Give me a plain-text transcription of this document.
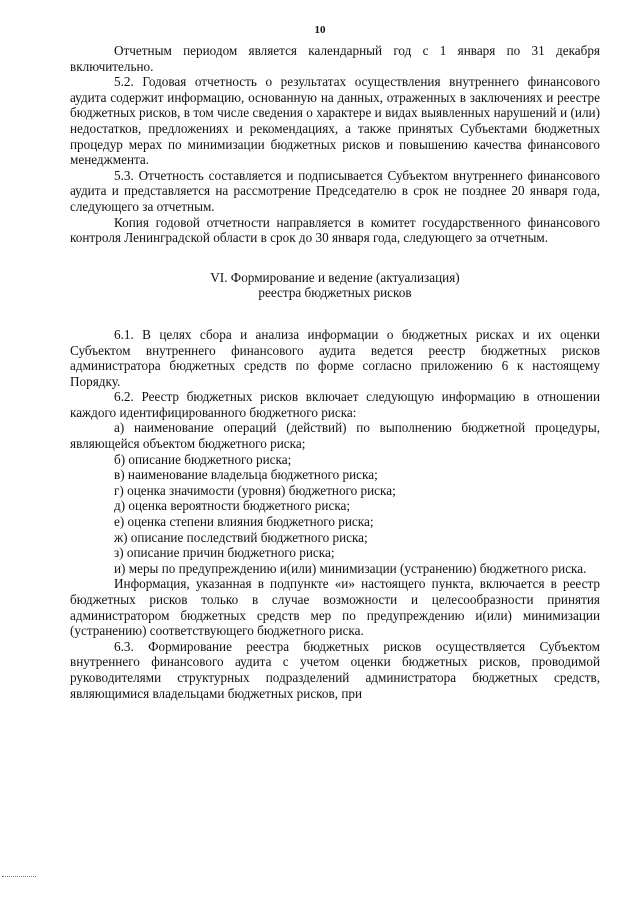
10

Отчетным периодом является календарный год с 1 января по 31 декабря включительно.

5.2. Годовая отчетность о результатах осуществления внутреннего финансового аудита содержит информацию, основанную на данных, отраженных в заключениях и реестре бюджетных рисков, в том числе сведения о характере и видах выявленных нарушений и (или) недостатков, предложениях и рекомендациях, а также принятых Субъектами бюджетных процедур мерах по минимизации бюджетных рисков и повышению качества финансового менеджмента.

5.3. Отчетность составляется и подписывается Субъектом внутреннего финансового аудита и представляется на рассмотрение Председателю в срок не позднее 20 января года, следующего за отчетным.

Копия годовой отчетности направляется в комитет государственного финансового контроля Ленинградской области в срок до 30 января года, следующего за отчетным.

VI. Формирование и ведение (актуализация)
реестра бюджетных рисков

6.1. В целях сбора и анализа информации о бюджетных рисках и их оценки Субъектом внутреннего финансового аудита ведется реестр бюджетных рисков администратора бюджетных средств по форме согласно приложению 6 к настоящему Порядку.

6.2. Реестр бюджетных рисков включает следующую информацию в отношении каждого идентифицированного бюджетного риска:

а) наименование операций (действий) по выполнению бюджетной процедуры, являющейся объектом бюджетного риска;

б) описание бюджетного риска;

в) наименование владельца бюджетного риска;

г) оценка значимости (уровня) бюджетного риска;

д) оценка вероятности бюджетного риска;

е) оценка степени влияния бюджетного риска;

ж) описание последствий бюджетного риска;

з) описание причин бюджетного риска;

и) меры по предупреждению и(или) минимизации (устранению) бюджетного риска.

Информация, указанная в подпункте «и» настоящего пункта, включается в реестр бюджетных рисков только в случае возможности и целесообразности принятия администратором бюджетных средств мер по предупреждению и(или) минимизации (устранению) соответствующего бюджетного риска.

6.3. Формирование реестра бюджетных рисков осуществляется Субъектом внутреннего финансового аудита с учетом оценки бюджетных рисков, проводимой руководителями структурных подразделений администратора бюджетных средств, являющимися владельцами бюджетных рисков, при
